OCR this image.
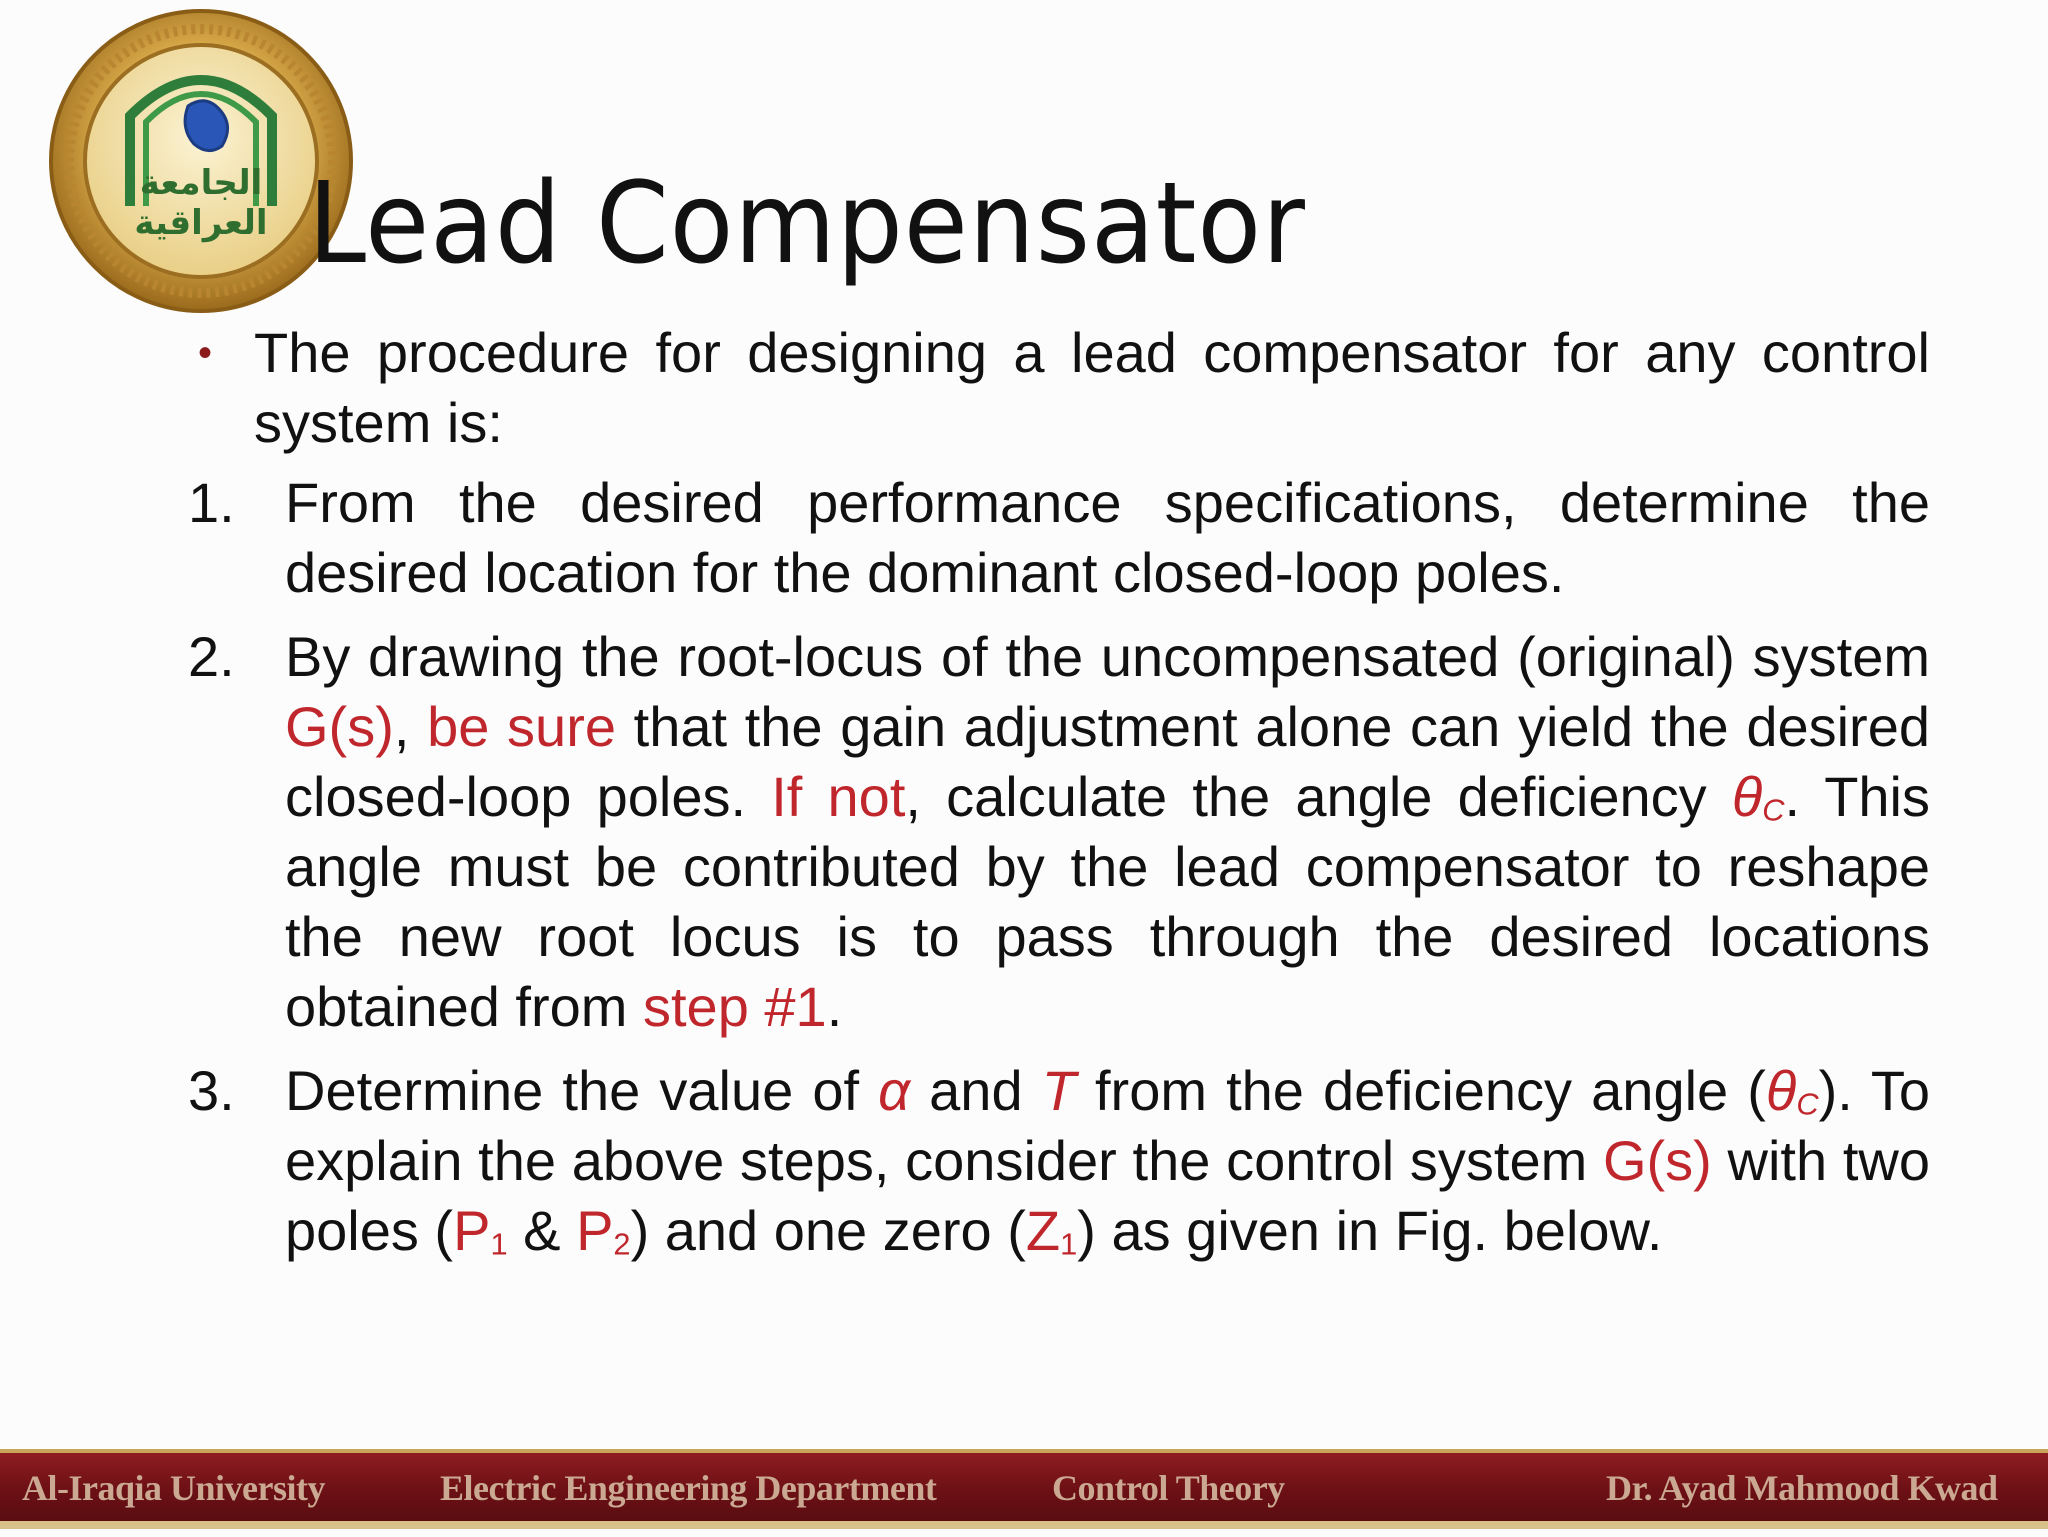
الجامعة
العراقية Lead Compensator
• The procedure for designing a lead compensator for any control system is:
1. From the desired performance specifications, determine the desired location for the dominant closed-loop poles.
2. By drawing the root-locus of the uncompensated (original) system G(s), be sure that the gain adjustment alone can yield the desired closed-loop poles. If not, calculate the angle deficiency $\theta_C$. This angle must be contributed by the lead compensator to reshape the new root locus is to pass through the desired locations obtained from step #1.
3. Determine the value of α and T from the deficiency angle $(\theta_C)$. To explain the above steps, consider the control system G(s) with two poles ($P_1$ & $P_2$) and one zero $(Z_1)$ as given in Fig. below.
Al-Iraqia University	Electric Engineering Department	Control Theory	Dr. Ayad Mahmood Kwad
